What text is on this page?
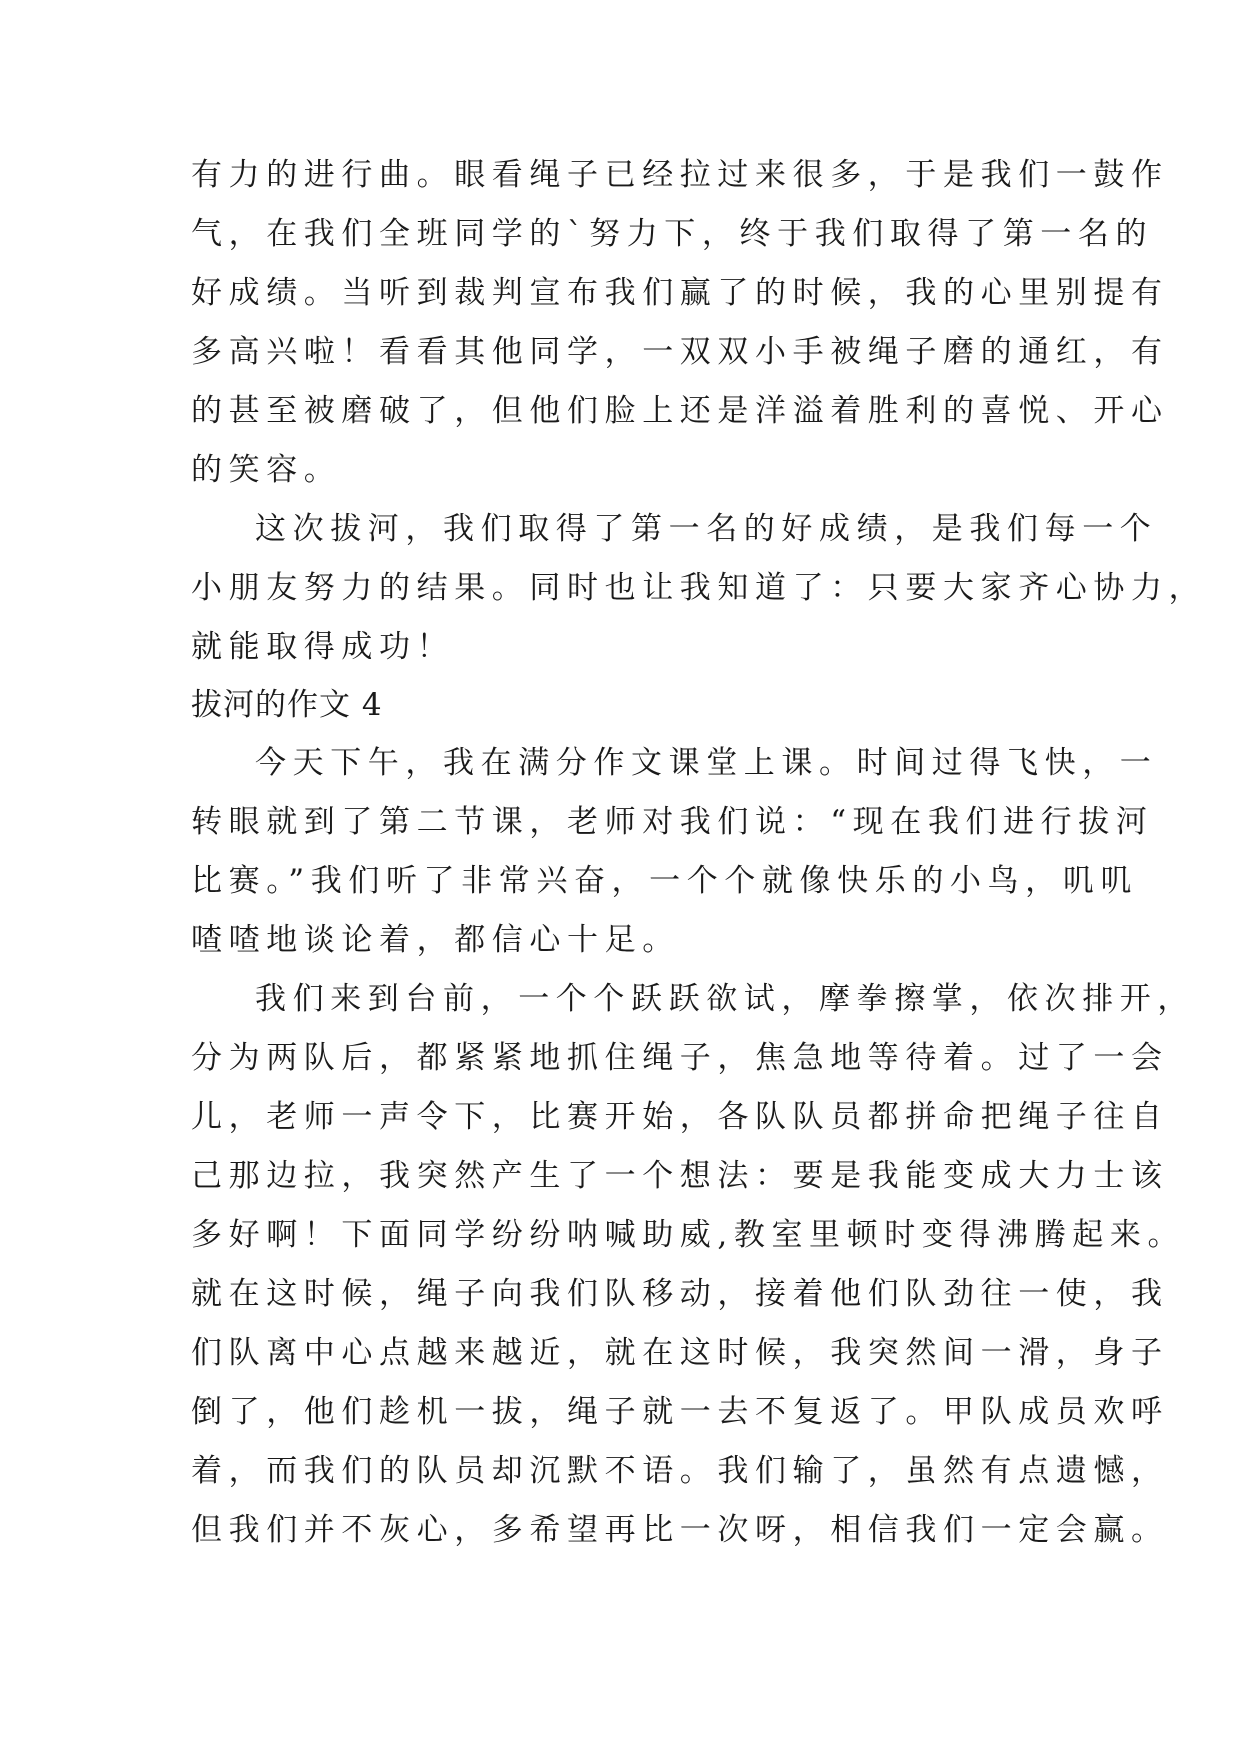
有力的进行曲。眼看绳子已经拉过来很多，于是我们一鼓作
气，在我们全班同学的`努力下，终于我们取得了第一名的
好成绩。当听到裁判宣布我们赢了的时候，我的心里别提有
多高兴啦！看看其他同学，一双双小手被绳子磨的通红，有
的甚至被磨破了，但他们脸上还是洋溢着胜利的喜悦、开心
的笑容。
这次拔河，我们取得了第一名的好成绩，是我们每一个
小朋友努力的结果。同时也让我知道了：只要大家齐心协力，
就能取得成功！
拔河的作文 4
今天下午，我在满分作文课堂上课。时间过得飞快，一
转眼就到了第二节课，老师对我们说：“现在我们进行拔河
比赛。”我们听了非常兴奋，一个个就像快乐的小鸟，叽叽
喳喳地谈论着，都信心十足。
我们来到台前，一个个跃跃欲试，摩拳擦掌，依次排开，
分为两队后，都紧紧地抓住绳子，焦急地等待着。过了一会
儿，老师一声令下，比赛开始，各队队员都拼命把绳子往自
己那边拉，我突然产生了一个想法：要是我能变成大力士该
多好啊！下面同学纷纷呐喊助威,教室里顿时变得沸腾起来。
就在这时候，绳子向我们队移动，接着他们队劲往一使，我
们队离中心点越来越近，就在这时候，我突然间一滑，身子
倒了，他们趁机一拔，绳子就一去不复返了。甲队成员欢呼
着，而我们的队员却沉默不语。我们输了，虽然有点遗憾，
但我们并不灰心，多希望再比一次呀，相信我们一定会赢。
